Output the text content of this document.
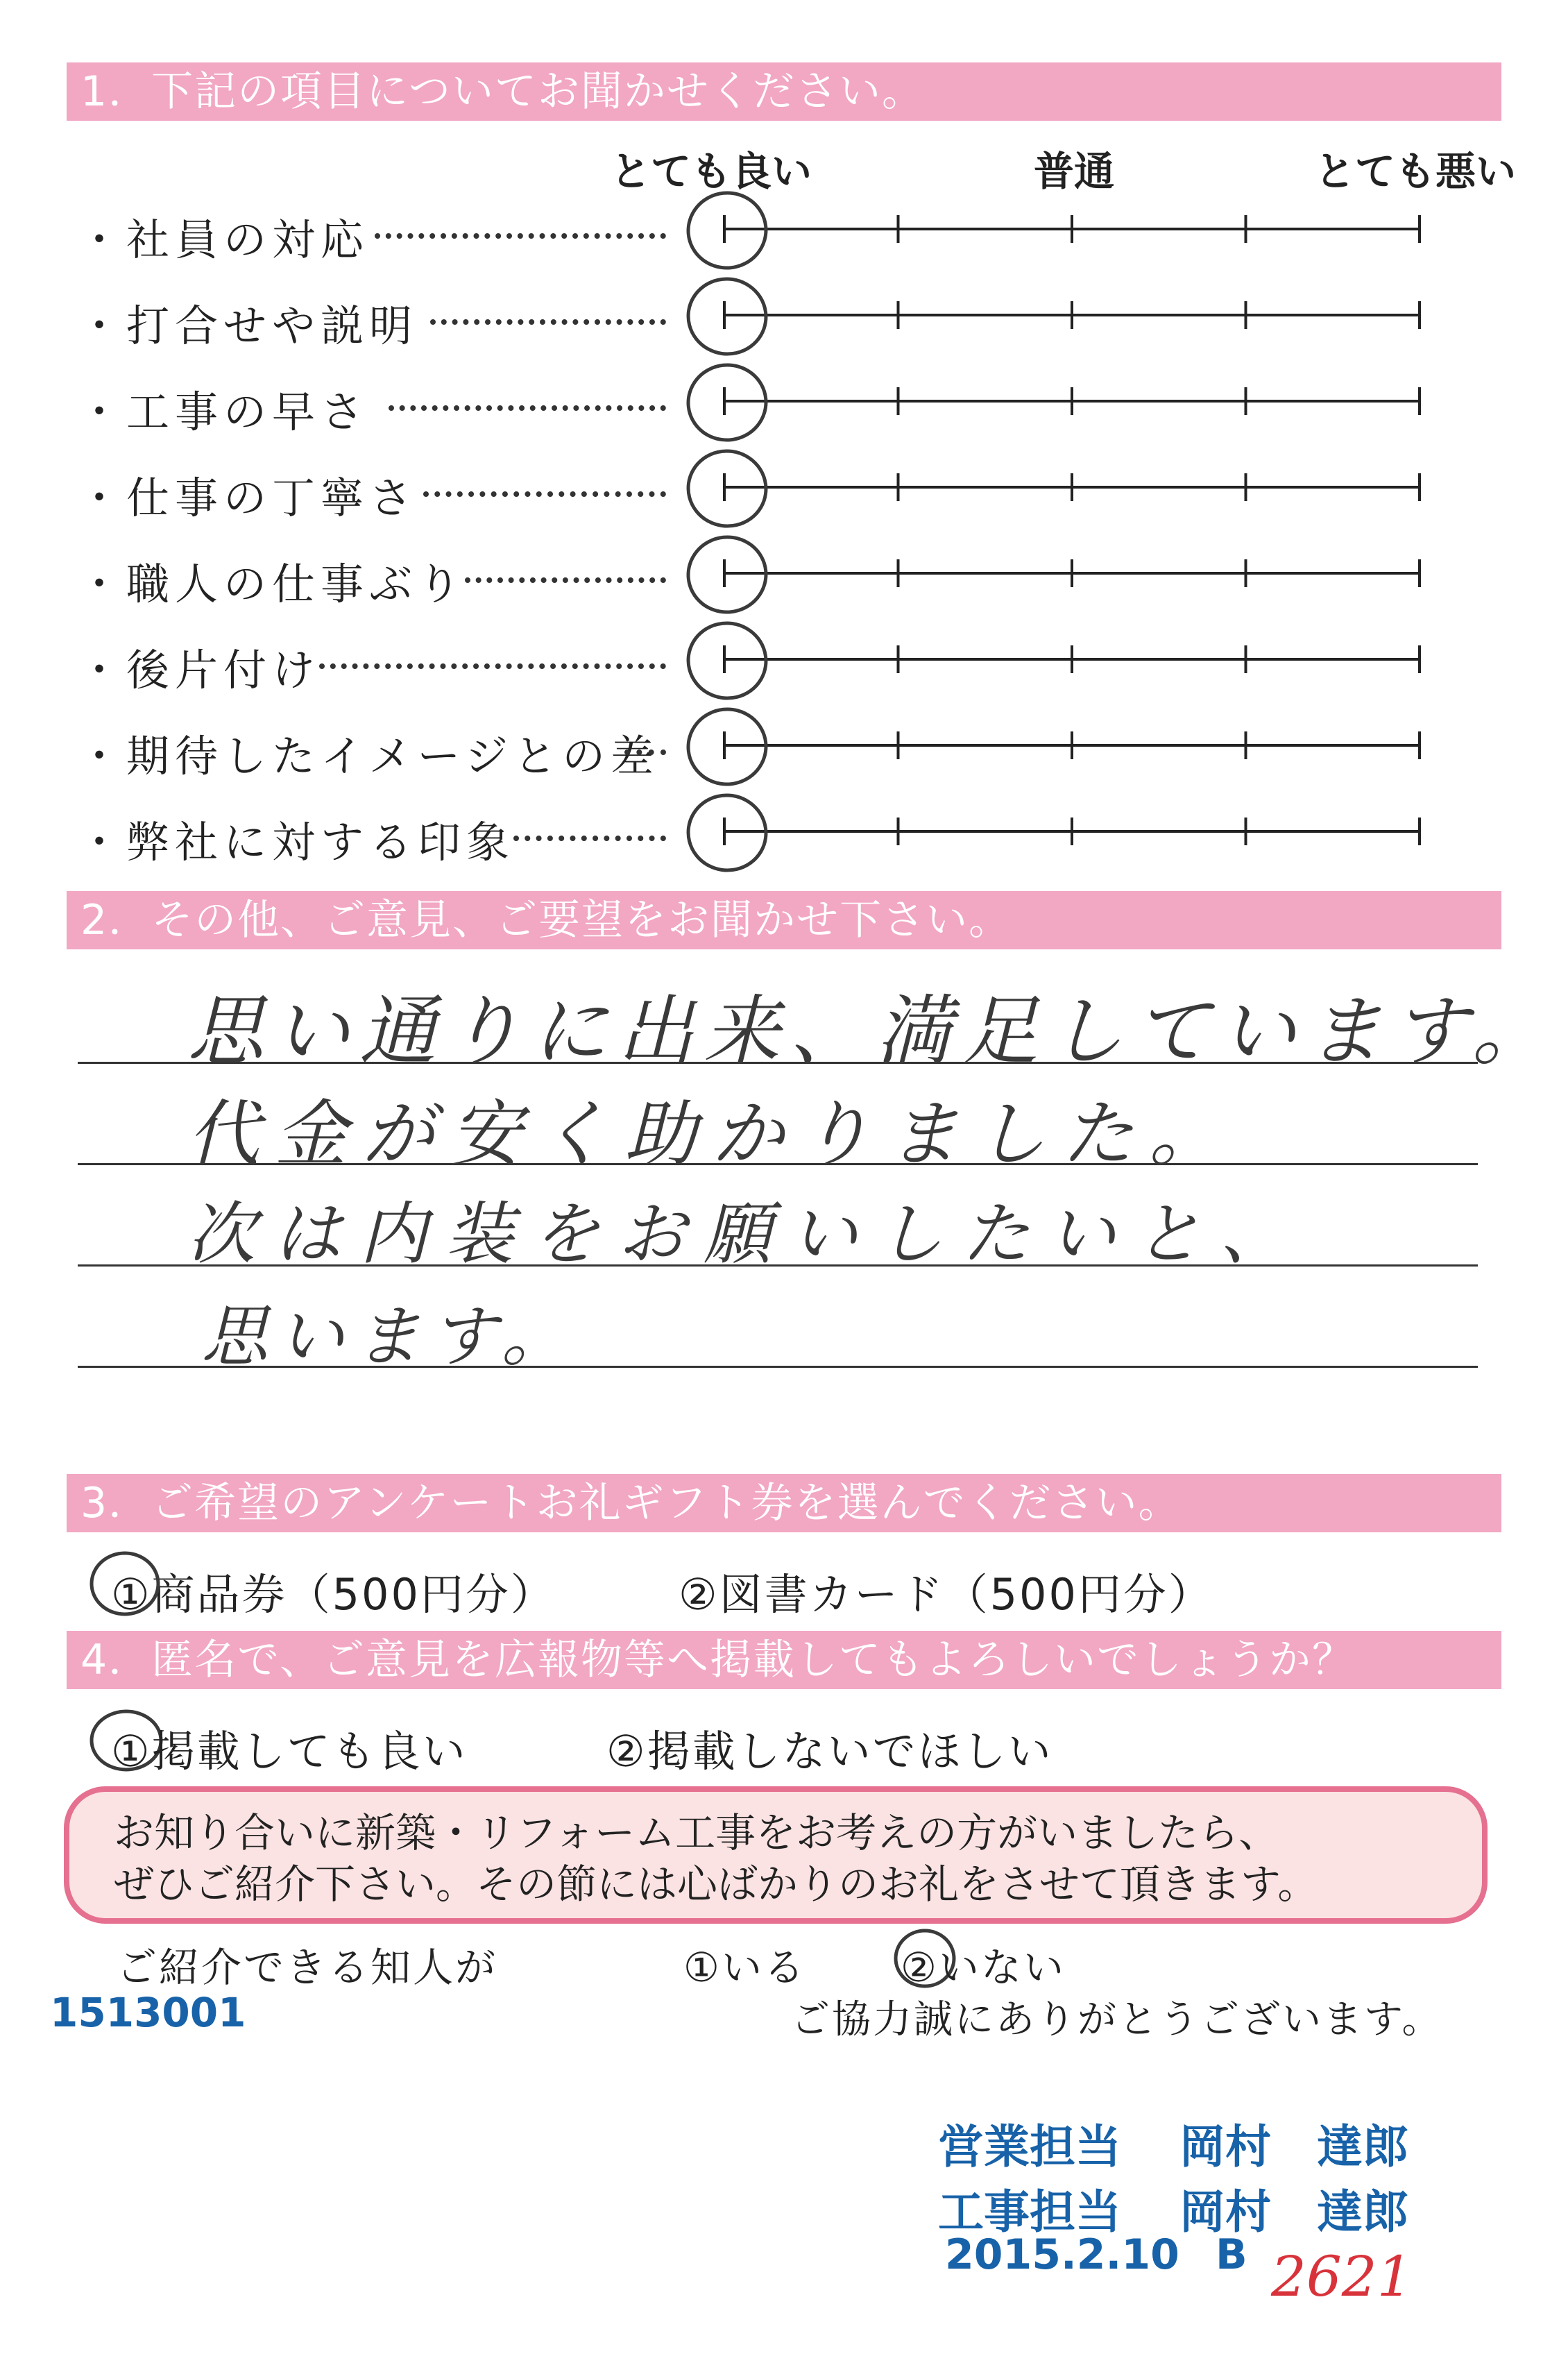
1．下記の項目についてお聞かせください。
とても良い	普通	とても悪い
・社員の対応
・打合せや説明
・工事の早さ
・仕事の丁寧さ
・職人の仕事ぶり
・後片付け
・期待したイメージとの差
・弊社に対する印象
2．その他、ご意見、ご要望をお聞かせ下さい。
思い通りに出来、満足しています。
代金が安く助かりました。
次は内装をお願いしたいと、
思います。
3．ご希望のアンケートお礼ギフト券を選んでください。
①商品券（500円分）	②図書カード（500円分）
4．匿名で、ご意見を広報物等へ掲載してもよろしいでしょうか？
①掲載しても良い	②掲載しないでほしい
お知り合いに新築・リフォーム工事をお考えの方がいましたら、
ぜひご紹介下さい。その節には心ばかりのお礼をさせて頂きます。
ご紹介できる知人が	①いる ②いない
1513001	ご協力誠にありがとうございます。
営業担当 岡村　達郎
工事担当 岡村　達郎
2015.2.10 B 2621
